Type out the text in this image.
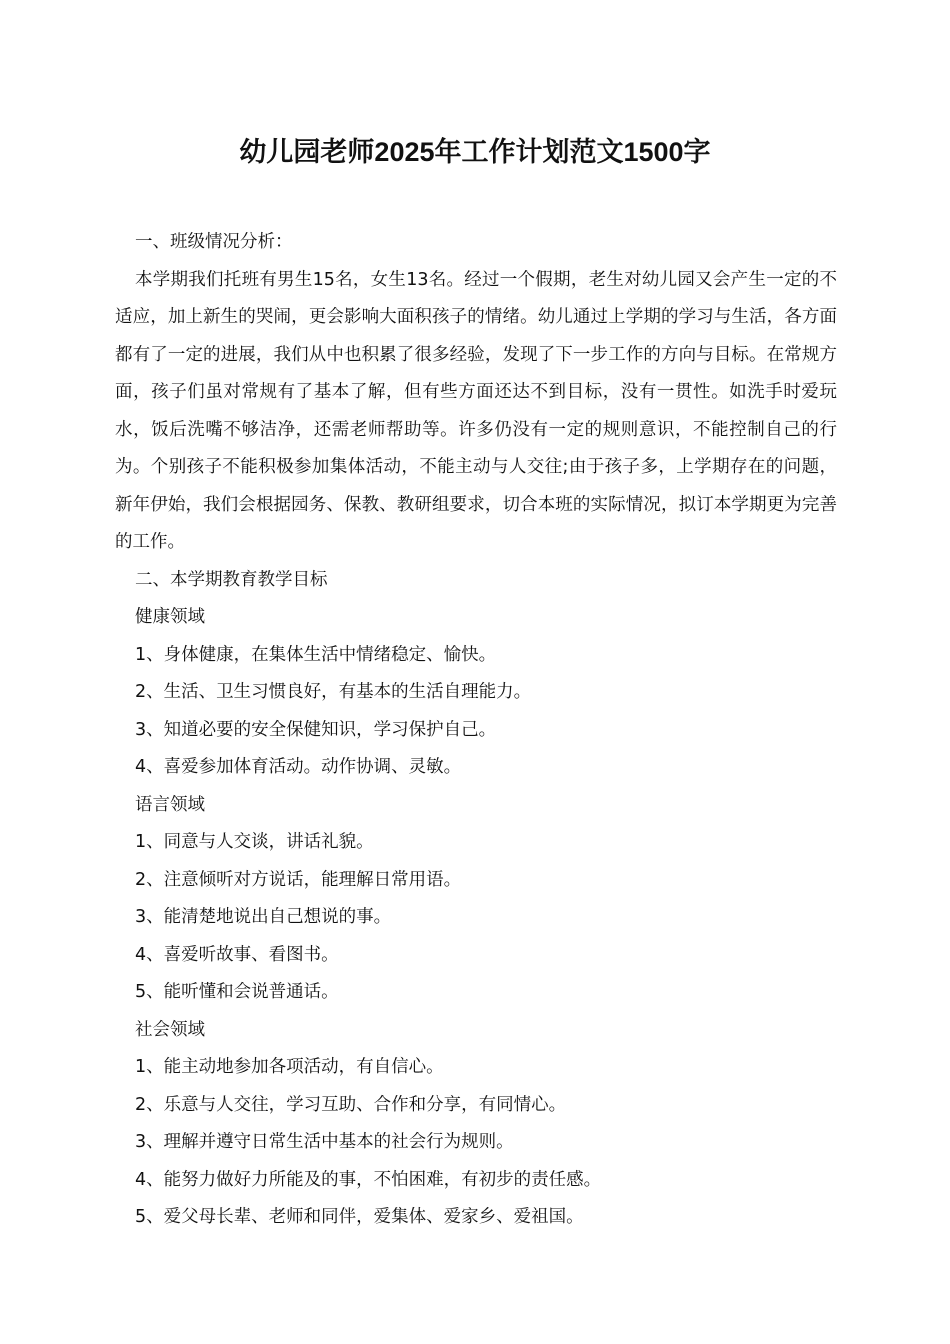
幼儿园老师2025年工作计划范文1500字

一、班级情况分析：

本学期我们托班有男生15名，女生13名。经过一个假期，老生对幼儿园又会产生一定的不适应，加上新生的哭闹，更会影响大面积孩子的情绪。幼儿通过上学期的学习与生活，各方面都有了一定的进展，我们从中也积累了很多经验，发现了下一步工作的方向与目标。在常规方面，孩子们虽对常规有了基本了解，但有些方面还达不到目标，没有一贯性。如洗手时爱玩水，饭后洗嘴不够洁净，还需老师帮助等。许多仍没有一定的规则意识，不能控制自己的行为。个别孩子不能积极参加集体活动，不能主动与人交往;由于孩子多，上学期存在的问题，新年伊始，我们会根据园务、保教、教研组要求，切合本班的实际情况，拟订本学期更为完善的工作。

二、本学期教育教学目标

健康领域

1、身体健康，在集体生活中情绪稳定、愉快。

2、生活、卫生习惯良好，有基本的生活自理能力。

3、知道必要的安全保健知识，学习保护自己。

4、喜爱参加体育活动。动作协调、灵敏。

语言领域

1、同意与人交谈，讲话礼貌。

2、注意倾听对方说话，能理解日常用语。

3、能清楚地说出自己想说的事。

4、喜爱听故事、看图书。

5、能听懂和会说普通话。

社会领域

1、能主动地参加各项活动，有自信心。

2、乐意与人交往，学习互助、合作和分享，有同情心。

3、理解并遵守日常生活中基本的社会行为规则。

4、能努力做好力所能及的事，不怕困难，有初步的责任感。

5、爱父母长辈、老师和同伴，爱集体、爱家乡、爱祖国。
